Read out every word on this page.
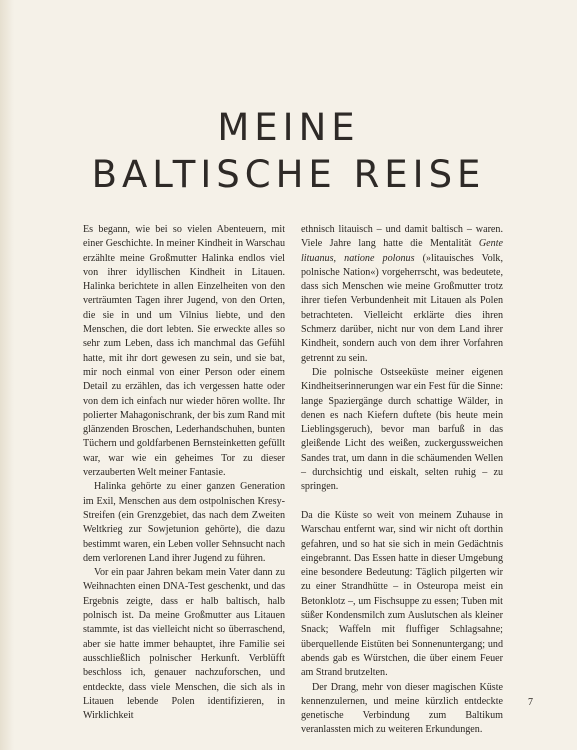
MEINE
BALTISCHE REISE

Es begann, wie bei so vielen Abenteuern, mit einer Geschichte. In meiner Kindheit in Warschau erzählte meine Großmutter Halinka endlos viel von ihrer idyllischen Kindheit in Litauen. Halinka berichtete in allen Einzelheiten von den verträumten Tagen ihrer Jugend, von den Orten, die sie in und um Vilnius liebte, und den Menschen, die dort lebten. Sie erweckte alles so sehr zum Leben, dass ich manchmal das Gefühl hatte, mit ihr dort gewesen zu sein, und sie bat, mir noch einmal von einer Person oder einem Detail zu erzählen, das ich vergessen hatte oder von dem ich einfach nur wieder hören wollte. Ihr polierter Mahagonischrank, der bis zum Rand mit glänzenden Broschen, Lederhandschuhen, bunten Tüchern und goldfarbenen Bernsteinketten gefüllt war, war wie ein geheimes Tor zu dieser verzauberten Welt meiner Fantasie.

Halinka gehörte zu einer ganzen Generation im Exil, Menschen aus dem ostpolnischen Kresy-Streifen (ein Grenzgebiet, das nach dem Zweiten Weltkrieg zur Sowjetunion gehörte), die dazu bestimmt waren, ein Leben voller Sehnsucht nach dem verlorenen Land ihrer Jugend zu führen.

Vor ein paar Jahren bekam mein Vater dann zu Weihnachten einen DNA-Test geschenkt, und das Ergebnis zeigte, dass er halb baltisch, halb polnisch ist. Da meine Großmutter aus Litauen stammte, ist das vielleicht nicht so überraschend, aber sie hatte immer behauptet, ihre Familie sei ausschließlich polnischer Herkunft. Verblüfft beschloss ich, genauer nachzuforschen, und entdeckte, dass viele Menschen, die sich als in Litauen lebende Polen identifizieren, in Wirklichkeit

ethnisch litauisch – und damit baltisch – waren. Viele Jahre lang hatte die Mentalität Gente lituanus, natione polonus (»litauisches Volk, polnische Nation«) vorgeherrscht, was bedeutete, dass sich Menschen wie meine Großmutter trotz ihrer tiefen Verbundenheit mit Litauen als Polen betrachteten. Vielleicht erklärte dies ihren Schmerz darüber, nicht nur von dem Land ihrer Kindheit, sondern auch von dem ihrer Vorfahren getrennt zu sein.

Die polnische Ostseeküste meiner eigenen Kindheitserinnerungen war ein Fest für die Sinne: lange Spaziergänge durch schattige Wälder, in denen es nach Kiefern duftete (bis heute mein Lieblingsgeruch), bevor man barfuß in das gleißende Licht des weißen, zuckergussweichen Sandes trat, um dann in die schäumenden Wellen – durchsichtig und eiskalt, selten ruhig – zu springen.

Da die Küste so weit von meinem Zuhause in Warschau entfernt war, sind wir nicht oft dorthin gefahren, und so hat sie sich in mein Gedächtnis eingebrannt. Das Essen hatte in dieser Umgebung eine besondere Bedeutung: Täglich pilgerten wir zu einer Strandhütte – in Osteuropa meist ein Betonklotz –, um Fischsuppe zu essen; Tuben mit süßer Kondensmilch zum Auslutschen als kleiner Snack; Waffeln mit fluffiger Schlagsahne; überquellende Eistüten bei Sonnenuntergang; und abends gab es Würstchen, die über einem Feuer am Strand brutzelten.

Der Drang, mehr von dieser magischen Küste kennenzulernen, und meine kürzlich entdeckte genetische Verbindung zum Baltikum veranlassten mich zu weiteren Erkundungen.

7
